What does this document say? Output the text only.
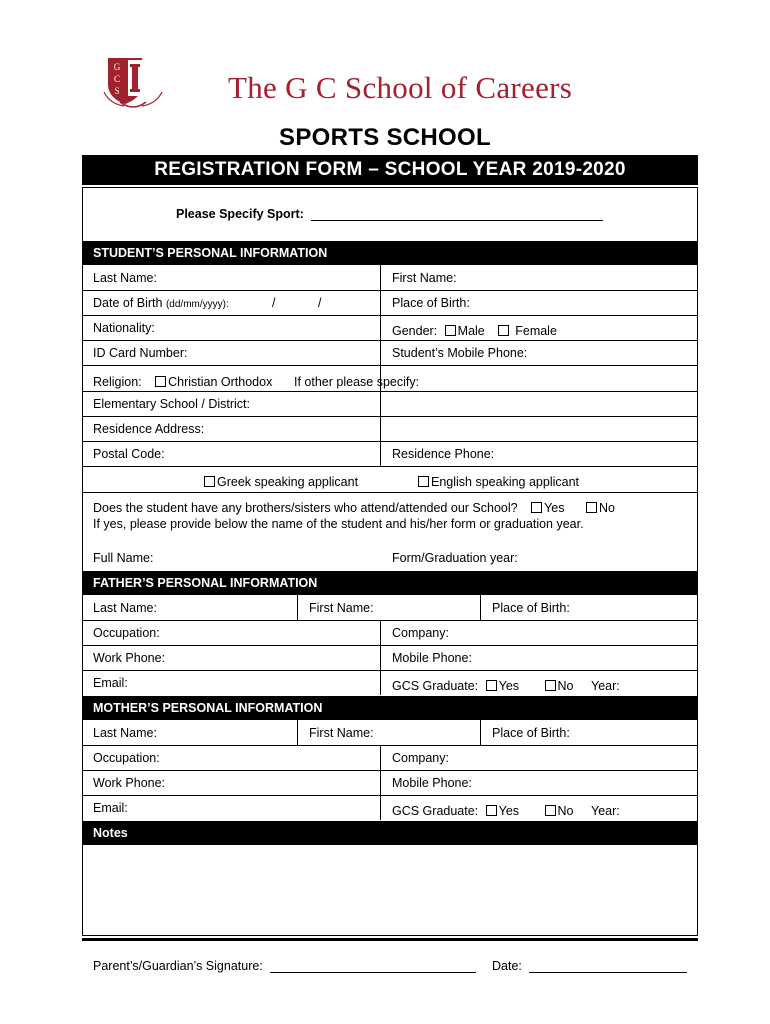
G
C
S	The G C School of Careers
SPORTS SCHOOL
REGISTRATION FORM – SCHOOL YEAR 2019-2020
Please Specify Sport:
STUDENT’S PERSONAL INFORMATION
Last Name:	First Name:
Date of Birth (dd/mm/yyyy):	/	/	Place of Birth:
Nationality:	Gender: Male Female
ID Card Number:	Student’s Mobile Phone:
Religion: Christian Orthodox If other please specify:
Elementary School / District:
Residence Address:
Postal Code:	Residence Phone:
Greek speaking applicant	English speaking applicant
Does the student have any brothers/sisters who attend/attended our School? Yes	No
If yes, please provide below the name of the student and his/her form or graduation year.
Full Name:	Form/Graduation year:
FATHER’S PERSONAL INFORMATION
Last Name:	First Name:	Place of Birth:
Occupation:	Company:
Work Phone:	Mobile Phone:
Email:	GCS Graduate: Yes	No Year:
MOTHER’S PERSONAL INFORMATION
Last Name:	First Name:	Place of Birth:
Occupation:	Company:
Work Phone:	Mobile Phone:
Email:	GCS Graduate: Yes	No Year:
Notes
Parent’s/Guardian’s Signature:	Date:
